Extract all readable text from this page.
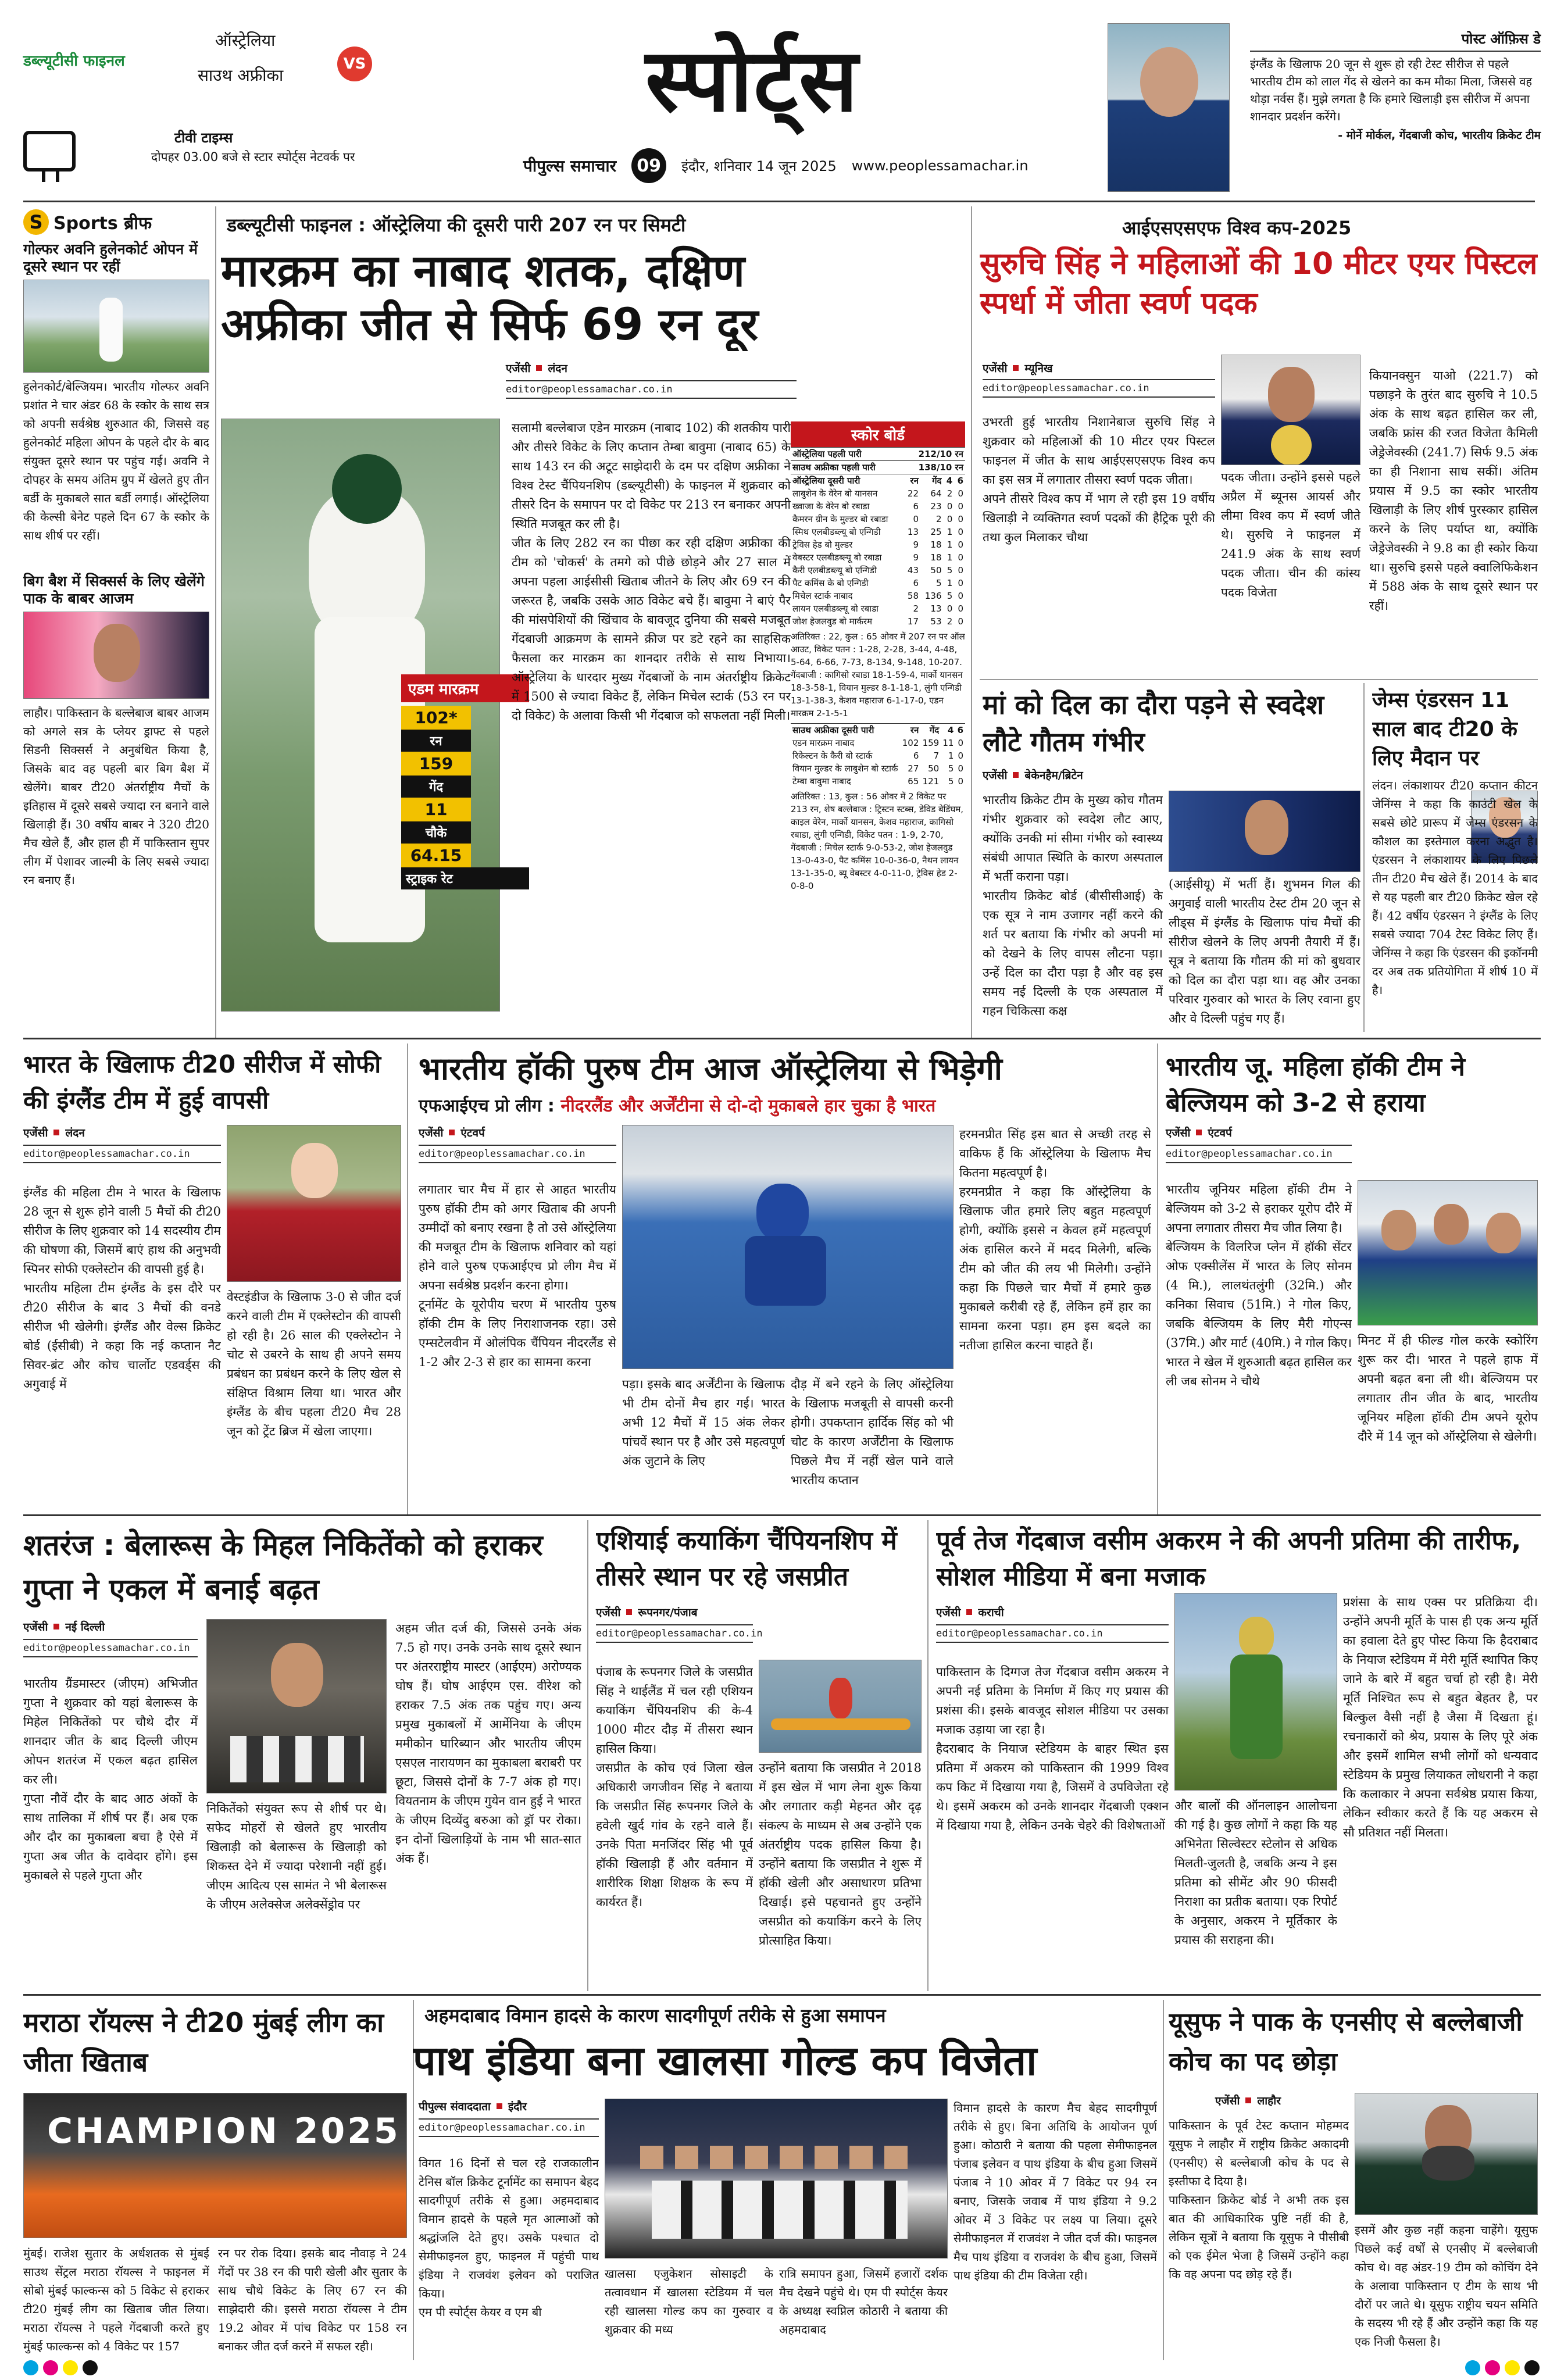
डब्ल्यूटीसी फाइनल
ऑस्ट्रेलिया
साउथ अफ्रीका
VS
टीवी टाइम्स
दोपहर 03.00 बजे से स्टार स्पोर्ट्स नेटवर्क पर
स्पोर्ट्स
पीपुल्स समाचार	09	इंदौर, शनिवार 14 जून 2025 www.peoplessamachar.in
पोस्ट ऑफ़िस डे
इंग्लैंड के खिलाफ 20 जून से शुरू हो रही टेस्ट सीरीज से पहले भारतीय टीम को लाल गेंद से खेलने का कम मौका मिला, जिससे वह थोड़ा नर्वस हैं। मुझे लगता है कि हमारे खिलाड़ी इस सीरीज में अपना शानदार प्रदर्शन करेंगे।
- मोर्ने मोर्कल, गेंदबाजी कोच, भारतीय क्रिकेट टीम
S Sports ब्रीफ
गोल्फर अवनि हुलेनकोर्ट ओपन में दूसरे स्थान पर रहीं
हुलेनकोर्ट/बेल्जियम। भारतीय गोल्फर अवनि प्रशांत ने चार अंडर 68 के स्कोर के साथ सत्र को अपनी सर्वश्रेष्ठ शुरुआत की, जिससे वह हुलेनकोर्ट महिला ओपन के पहले दौर के बाद संयुक्त दूसरे स्थान पर पहुंच गई। अवनि ने दोपहर के समय अंतिम ग्रुप में खेलते हुए तीन बर्डी के मुकाबले सात बर्डी लगाई। ऑस्ट्रेलिया की केल्सी बेनेट पहले दिन 67 के स्कोर के साथ शीर्ष पर रहीं।
बिग बैश में सिक्सर्स के लिए खेलेंगे पाक के बाबर आजम
लाहौर। पाकिस्तान के बल्लेबाज बाबर आजम को अगले सत्र के प्लेयर ड्राफ्ट से पहले सिडनी सिक्सर्स ने अनुबंधित किया है, जिसके बाद वह पहली बार बिग बैश में खेलेंगे। बाबर टी20 अंतर्राष्ट्रीय मैचों के इतिहास में दूसरे सबसे ज्यादा रन बनाने वाले खिलाड़ी हैं। 30 वर्षीय बाबर ने 320 टी20 मैच खेले हैं, और हाल ही में पाकिस्तान सुपर लीग में पेशावर जाल्मी के लिए सबसे ज्यादा रन बनाए हैं।
डब्ल्यूटीसी फाइनल : ऑस्ट्रेलिया की दूसरी पारी 207 रन पर सिमटी
मारक्रम का नाबाद शतक, दक्षिण अफ्रीका जीत से सिर्फ 69 रन दूर
एजेंसी लंदन
editor@peoplessamachar.co.in
एडम मारक्रम
102*
रन
159
गेंद
11
चौके
64.15
स्ट्राइक रेट
सलामी बल्लेबाज एडेन मारक्रम (नाबाद 102) की शतकीय पारी और तीसरे विकेट के लिए कप्तान तेम्बा बावुमा (नाबाद 65) के साथ 143 रन की अटूट साझेदारी के दम पर दक्षिण अफ्रीका ने विश्व टेस्ट चैंपियनशिप (डब्ल्यूटीसी) के फाइनल में शुक्रवार को तीसरे दिन के समापन पर दो विकेट पर 213 रन बनाकर अपनी स्थिति मजबूत कर ली है।
जीत के लिए 282 रन का पीछा कर रही दक्षिण अफ्रीका की टीम को 'चोकर्स' के तमगे को पीछे छोड़ने और 27 साल में अपना पहला आईसीसी खिताब जीतने के लिए और 69 रन की जरूरत है, जबकि उसके आठ विकेट बचे हैं। बावुमा ने बाएं पैर की मांसपेशियों की खिंचाव के बावजूद दुनिया की सबसे मजबूत गेंदबाजी आक्रमण के सामने क्रीज पर डटे रहने का साहसिक फैसला कर मारक्रम का शानदार तरीके से साथ निभाया। ऑस्ट्रेलिया के धारदार मुख्य गेंदबाजों के नाम अंतर्राष्ट्रीय क्रिकेट में 1500 से ज्यादा विकेट हैं, लेकिन मिचेल स्टार्क (53 रन पर दो विकेट) के अलावा किसी भी गेंदबाज को सफलता नहीं मिली।
स्कोर बोर्ड
ऑस्ट्रेलिया पहली पारी	212/10 रन
साउथ अफ्रीका पहली पारी	138/10 रन
ऑस्ट्रेलिया दूसरी पारी	रन	गेंद	4	6
लाबुशेन के वेरेन बो यानसन	22	64	2	0
ख्वाजा के वेरेन बो रबाडा	6	23	0	0
कैमरन ग्रीन के मुल्डर बो रबाडा	0	2	0	0
स्मिथ एलबीडब्ल्यू बो एन्गिडी	13	25	1	0
ट्रेविस हेड बो मुल्डर	9	18	1	0
वेबस्टर एलबीडब्ल्यू बो रबाडा	9	18	1	0
कैरी एलबीडब्ल्यू बो एन्गिडी	43	50	5	0
पैट कमिंस के बो एन्गिडी	6	5	1	0
मिचेल स्टार्क नाबाद	58	136	5	0
लायन एलबीडब्ल्यू बो रबाडा	2	13	0	0
जोश हेजलवुड बो मार्करम	17	53	2	0
अतिरिक्त : 22, कुल : 65 ओवर में 207 रन पर ऑल आउट, विकेट पतन : 1-28, 2-28, 3-44, 4-48, 5-64, 6-66, 7-73, 8-134, 9-148, 10-207. गेंदबाजी : कागिसो रबाडा 18-1-59-4, मार्को यानसन 18-3-58-1, वियान मुल्डर 8-1-18-1, लुंगी एन्गिडी 13-1-38-3, केशव महाराज 6-1-17-0, एडन मारक्रम 2-1-5-1
साउथ अफ्रीका दूसरी पारी	रन	गेंद	4	6
एडन मारक्रम नाबाद	102	159	11	0
रिकेल्टन के कैरी बो स्टार्क	6	7	1	0
वियान मुल्डर के लाबुशेन बो स्टार्क	27	50	5	0
टेम्बा बावुमा नाबाद	65	121	5	0
अतिरिक्त : 13, कुल : 56 ओवर में 2 विकेट पर 213 रन, शेष बल्लेबाज : ट्रिस्टन स्टब्स, डेविड बेडिंघम, काइल वेरेन, मार्को यानसन, केशव महाराज, कागिसो रबाडा, लुंगी एन्गिडी, विकेट पतन : 1-9, 2-70, गेंदबाजी : मिचेल स्टार्क 9-0-53-2, जोश हेजलवुड 13-0-43-0, पैट कमिंस 10-0-36-0, नैथन लायन 13-1-35-0, ब्यू वेबस्टर 4-0-11-0, ट्रेविस हेड 2-0-8-0
आईएसएसएफ विश्व कप-2025
सुरुचि सिंह ने महिलाओं की 10 मीटर एयर पिस्टल स्पर्धा में जीता स्वर्ण पदक
एजेंसी म्यूनिख
editor@peoplessamachar.co.in
उभरती हुई भारतीय निशानेबाज सुरुचि सिंह ने शुक्रवार को महिलाओं की 10 मीटर एयर पिस्टल फाइनल में जीत के साथ आईएसएसएफ विश्व कप का इस सत्र में लगातार तीसरा स्वर्ण पदक जीता।
अपने तीसरे विश्व कप में भाग ले रही इस 19 वर्षीय खिलाड़ी ने व्यक्तिगत स्वर्ण पदकों की हैट्रिक पूरी की तथा कुल मिलाकर चौथा
पदक जीता। उन्होंने इससे पहले अप्रैल में ब्यूनस आयर्स और लीमा विश्व कप में स्वर्ण जीते थे। सुरुचि ने फाइनल में 241.9 अंक के साथ स्वर्ण पदक जीता। चीन की कांस्य पदक विजेता
कियानक्सुन याओ (221.7) को पछाड़ने के तुरंत बाद सुरुचि ने 10.5 अंक के साथ बढ़त हासिल कर ली, जबकि फ्रांस की रजत विजेता कैमिली जेड्रेजेवस्की (241.7) सिर्फ 9.5 अंक का ही निशाना साध सकीं। अंतिम प्रयास में 9.5 का स्कोर भारतीय खिलाड़ी के लिए शीर्ष पुरस्कार हासिल करने के लिए पर्याप्त था, क्योंकि जेड्रेजेवस्की ने 9.8 का ही स्कोर किया था। सुरुचि इससे पहले क्वालिफिकेशन में 588 अंक के साथ दूसरे स्थान पर रहीं।
मां को दिल का दौरा पड़ने से स्वदेश लौटे गौतम गंभीर
एजेंसी बेकेनहैम/ब्रिटेन
भारतीय क्रिकेट टीम के मुख्य कोच गौतम गंभीर शुक्रवार को स्वदेश लौट आए, क्योंकि उनकी मां सीमा गंभीर को स्वास्थ्य संबंधी आपात स्थिति के कारण अस्पताल में भर्ती कराना पड़ा।
भारतीय क्रिकेट बोर्ड (बीसीसीआई) के एक सूत्र ने नाम उजागर नहीं करने की शर्त पर बताया कि गंभीर को अपनी मां को देखने के लिए वापस लौटना पड़ा। उन्हें दिल का दौरा पड़ा है और वह इस समय नई दिल्ली के एक अस्पताल में गहन चिकित्सा कक्ष
(आईसीयू) में भर्ती हैं। शुभमन गिल की अगुवाई वाली भारतीय टेस्ट टीम 20 जून से लीड्स में इंग्लैंड के खिलाफ पांच मैचों की सीरीज खेलने के लिए अपनी तैयारी में हैं। सूत्र ने बताया कि गौतम की मां को बुधवार को दिल का दौरा पड़ा था। वह और उनका परिवार गुरुवार को भारत के लिए रवाना हुए और वे दिल्ली पहुंच गए हैं।
जेम्स एंडरसन 11 साल बाद टी20 के लिए मैदान पर
लंदन। लंकाशायर टी20 कप्तान कीटन जेनिंग्स ने कहा कि काउंटी खेल के सबसे छोटे प्रारूप में जेम्स एंडरसन के कौशल का इस्तेमाल करना अद्भुत है। एंडरसन ने लंकाशायर के लिए पिछले तीन टी20 मैच खेले हैं। 2014 के बाद से यह पहली बार टी20 क्रिकेट खेल रहे हैं। 42 वर्षीय एंडरसन ने इंग्लैंड के लिए सबसे ज्यादा 704 टेस्ट विकेट लिए हैं। जेनिंग्स ने कहा कि एंडरसन की इकॉनमी दर अब तक प्रतियोगिता में शीर्ष 10 में है।
भारत के खिलाफ टी20 सीरीज में सोफी की इंग्लैंड टीम में हुई वापसी
एजेंसी लंदन
editor@peoplessamachar.co.in
इंग्लैंड की महिला टीम ने भारत के खिलाफ 28 जून से शुरू होने वाली 5 मैचों की टी20 सीरीज के लिए शुक्रवार को 14 सदस्यीय टीम की घोषणा की, जिसमें बाएं हाथ की अनुभवी स्पिनर सोफी एक्लेस्टोन की वापसी हुई है।
भारतीय महिला टीम इंग्लैंड के इस दौरे पर टी20 सीरीज के बाद 3 मैचों की वनडे सीरीज भी खेलेगी। इंग्लैंड और वेल्स क्रिकेट बोर्ड (ईसीबी) ने कहा कि नई कप्तान नैट सिवर-ब्रंट और कोच चार्लोट एडवर्ड्स की अगुवाई में
वेस्टइंडीज के खिलाफ 3-0 से जीत दर्ज करने वाली टीम में एक्लेस्टोन की वापसी हो रही है। 26 साल की एक्लेस्टोन ने चोट से उबरने के साथ ही अपने समय प्रबंधन का प्रबंधन करने के लिए खेल से संक्षिप्त विश्राम लिया था। भारत और इंग्लैंड के बीच पहला टी20 मैच 28 जून को ट्रेंट ब्रिज में खेला जाएगा।
भारतीय हॉकी पुरुष टीम आज ऑस्ट्रेलिया से भिड़ेगी
एफआईएच प्रो लीग : नीदरलैंड और अर्जेंटीना से दो-दो मुकाबले हार चुका है भारत
एजेंसी एंटवर्प
editor@peoplessamachar.co.in
लगातार चार मैच में हार से आहत भारतीय पुरुष हॉकी टीम को अगर खिताब की अपनी उम्मीदों को बनाए रखना है तो उसे ऑस्ट्रेलिया की मजबूत टीम के खिलाफ शनिवार को यहां होने वाले पुरुष एफआईएच प्रो लीग मैच में अपना सर्वश्रेष्ठ प्रदर्शन करना होगा।
टूर्नामेंट के यूरोपीय चरण में भारतीय पुरुष हॉकी टीम के लिए निराशाजनक रहा। उसे एम्सटेलवीन में ओलंपिक चैंपियन नीदरलैंड से 1-2 और 2-3 से हार का सामना करना
पड़ा। इसके बाद अर्जेंटीना के खिलाफ भी टीम दोनों मैच हार गई। भारत अभी 12 मैचों में 15 अंक लेकर पांचवें स्थान पर है और उसे महत्वपूर्ण अंक जुटाने के लिए
दौड़ में बने रहने के लिए ऑस्ट्रेलिया के खिलाफ मजबूती से वापसी करनी होगी। उपकप्तान हार्दिक सिंह को भी चोट के कारण अर्जेंटीना के खिलाफ पिछले मैच में नहीं खेल पाने वाले भारतीय कप्तान
हरमनप्रीत सिंह इस बात से अच्छी तरह से वाकिफ हैं कि ऑस्ट्रेलिया के खिलाफ मैच कितना महत्वपूर्ण है।
हरमनप्रीत ने कहा कि ऑस्ट्रेलिया के खिलाफ जीत हमारे लिए बहुत महत्वपूर्ण होगी, क्योंकि इससे न केवल हमें महत्वपूर्ण अंक हासिल करने में मदद मिलेगी, बल्कि टीम को जीत की लय भी मिलेगी। उन्होंने कहा कि पिछले चार मैचों में हमारे कुछ मुकाबले करीबी रहे हैं, लेकिन हमें हार का सामना करना पड़ा। हम इस बदले का नतीजा हासिल करना चाहते हैं।
भारतीय जू. महिला हॉकी टीम ने बेल्जियम को 3-2 से हराया
एजेंसी एंटवर्प
editor@peoplessamachar.co.in
भारतीय जूनियर महिला हॉकी टीम ने बेल्जियम को 3-2 से हराकर यूरोप दौरे में अपना लगातार तीसरा मैच जीत लिया है।
बेल्जियम के विलरिज प्लेन में हॉकी सेंटर ओफ एक्सीलेंस में भारत के लिए सोनम (4 मि.), लालथंतलुंगी (32मि.) और कनिका सिवाच (51मि.) ने गोल किए, जबकि बेल्जियम के लिए मैरी गोएन्स (37मि.) और मार्ट (40मि.) ने गोल किए। भारत ने खेल में शुरुआती बढ़त हासिल कर ली जब सोनम ने चौथे
मिनट में ही फील्ड गोल करके स्कोरिंग शुरू कर दी। भारत ने पहले हाफ में अपनी बढ़त बना ली थी। बेल्जियम पर लगातार तीन जीत के बाद, भारतीय जूनियर महिला हॉकी टीम अपने यूरोप दौरे में 14 जून को ऑस्ट्रेलिया से खेलेगी।
शतरंज : बेलारूस के मिहल निकितेंको को हराकर गुप्ता ने एकल में बनाई बढ़त
एजेंसी नई दिल्ली
editor@peoplessamachar.co.in
भारतीय ग्रैंडमास्टर (जीएम) अभिजीत गुप्ता ने शुक्रवार को यहां बेलारूस के मिहेल निकितेंको पर चौथे दौर में शानदार जीत के बाद दिल्ली जीएम ओपन शतरंज में एकल बढ़त हासिल कर ली।
गुप्ता नौवें दौर के बाद आठ अंकों के साथ तालिका में शीर्ष पर हैं। अब एक और दौर का मुकाबला बचा है ऐसे में गुप्ता अब जीत के दावेदार होंगे। इस मुकाबले से पहले गुप्ता और
निकितेंको संयुक्त रूप से शीर्ष पर थे। सफेद मोहरों से खेलते हुए भारतीय खिलाड़ी को बेलारूस के खिलाड़ी को शिकस्त देने में ज्यादा परेशानी नहीं हुई। जीएम आदित्य एस सामंत ने भी बेलारूस के जीएम अलेक्सेज अलेक्सेंड्रोव पर
अहम जीत दर्ज की, जिससे उनके अंक 7.5 हो गए। उनके उनके साथ दूसरे स्थान पर अंतरराष्ट्रीय मास्टर (आईएम) अरोण्यक घोष हैं। घोष आईएम एस. वीरेश को हराकर 7.5 अंक तक पहुंच गए। अन्य प्रमुख मुकाबलों में आर्मेनिया के जीएम ममीकोन घारिब्यान और भारतीय जीएम एसएल नारायणन का मुकाबला बराबरी पर छूटा, जिससे दोनों के 7-7 अंक हो गए। वियतनाम के जीएम गुयेन वान हुई ने भारत के जीएम दिव्येंदु बरुआ को ड्रॉ पर रोका। इन दोनों खिलाड़ियों के नाम भी सात-सात अंक हैं।
एशियाई कयाकिंग चैंपियनशिप में तीसरे स्थान पर रहे जसप्रीत
एजेंसी रूपनगर/पंजाब
editor@peoplessamachar.co.in
पंजाब के रूपनगर जिले के जसप्रीत सिंह ने थाईलैंड में चल रही एशियन कयाकिंग चैंपियनशिप की के-4 1000 मीटर दौड़ में तीसरा स्थान हासिल किया।
जसप्रीत के कोच एवं जिला खेल अधिकारी जगजीवन सिंह ने बताया कि जसप्रीत सिंह रूपनगर जिले के हवेली खुर्द गांव के रहने वाले हैं। उनके पिता मनजिंदर सिंह भी पूर्व हॉकी खिलाड़ी हैं और वर्तमान में शारीरिक शिक्षा शिक्षक के रूप में कार्यरत हैं।
उन्होंने बताया कि जसप्रीत ने 2018 में इस खेल में भाग लेना शुरू किया और लगातार कड़ी मेहनत और दृढ़ संकल्प के माध्यम से अब उन्होंने एक अंतर्राष्ट्रीय पदक हासिल किया है। उन्होंने बताया कि जसप्रीत ने शुरू में हॉकी खेली और असाधारण प्रतिभा दिखाई। इसे पहचानते हुए उन्होंने जसप्रीत को कयाकिंग करने के लिए प्रोत्साहित किया।
पूर्व तेज गेंदबाज वसीम अकरम ने की अपनी प्रतिमा की तारीफ, सोशल मीडिया में बना मजाक
एजेंसी कराची
editor@peoplessamachar.co.in
पाकिस्तान के दिग्गज तेज गेंदबाज वसीम अकरम ने अपनी नई प्रतिमा के निर्माण में किए गए प्रयास की प्रशंसा की। इसके बावजूद सोशल मीडिया पर उसका मजाक उड़ाया जा रहा है।
हैदराबाद के नियाज स्टेडियम के बाहर स्थित इस प्रतिमा में अकरम को पाकिस्तान की 1999 विश्व कप किट में दिखाया गया है, जिसमें वे उपविजेता रहे थे। इसमें अकरम को उनके शानदार गेंदबाजी एक्शन में दिखाया गया है, लेकिन उनके चेहरे की विशेषताओं
और बालों की ऑनलाइन आलोचना की गई है। कुछ लोगों ने कहा कि यह अभिनेता सिल्वेस्टर स्टेलोन से अधिक मिलती-जुलती है, जबकि अन्य ने इस प्रतिमा को सीमेंट और 90 फीसदी निराशा का प्रतीक बताया। एक रिपोर्ट के अनुसार, अकरम ने मूर्तिकार के प्रयास की सराहना की।
प्रशंसा के साथ एक्स पर प्रतिक्रिया दी। उन्होंने अपनी मूर्ति के पास ही एक अन्य मूर्ति का हवाला देते हुए पोस्ट किया कि हैदराबाद के नियाज स्टेडियम में मेरी मूर्ति स्थापित किए जाने के बारे में बहुत चर्चा हो रही है। मेरी मूर्ति निश्चित रूप से बहुत बेहतर है, पर बिल्कुल वैसी नहीं है जैसा मैं दिखता हूं। रचनाकारों को श्रेय, प्रयास के लिए पूरे अंक और इसमें शामिल सभी लोगों को धन्यवाद स्टेडियम के प्रमुख लियाकत लोधरानी ने कहा कि कलाकार ने अपना सर्वश्रेष्ठ प्रयास किया, लेकिन स्वीकार करते हैं कि यह अकरम से सौ प्रतिशत नहीं मिलता।
मराठा रॉयल्स ने टी20 मुंबई लीग का जीता खिताब
CHAMPION 2025
मुंबई। राजेश सुतार के अर्धशतक से मुंबई साउथ सेंट्रल मराठा रॉयल्स ने फाइनल में सोबो मुंबई फाल्कन्स को 5 विकेट से हराकर टी20 मुंबई लीग का खिताब जीत लिया। मराठा रॉयल्स ने पहले गेंदबाजी करते हुए मुंबई फाल्कन्स को 4 विकेट पर 157
रन पर रोक दिया। इसके बाद नौवाड़ ने 24 गेंदों पर 38 रन की पारी खेली और सुतार के साथ चौथे विकेट के लिए 67 रन की साझेदारी की। इससे मराठा रॉयल्स ने टीम 19.2 ओवर में पांच विकेट पर 158 रन बनाकर जीत दर्ज करने में सफल रही।
अहमदाबाद विमान हादसे के कारण सादगीपूर्ण तरीके से हुआ समापन
पाथ इंडिया बना खालसा गोल्ड कप विजेता
पीपुल्स संवाददाता इंदौर
editor@peoplessamachar.co.in
विगत 16 दिनों से चल रहे राजकालीन टेनिस बॉल क्रिकेट टूर्नामेंट का समापन बेहद सादगीपूर्ण तरीके से हुआ। अहमदाबाद विमान हादसे के पहले मृत आत्माओं को श्रद्धांजलि देते हुए। उसके पश्चात दो सेमीफाइनल हुए, फाइनल में पहुंची पाथ इंडिया ने राजवंश इलेवन को पराजित किया।
एम पी स्पोर्ट्स केयर व एम बी
खालसा एजुकेशन सोसाइटी के तत्वावधान में खालसा स्टेडियम में चल रही खालसा गोल्ड कप का गुरुवार व शुक्रवार की मध्य
रात्रि समापन हुआ, जिसमें हजारों दर्शक मैच देखने पहुंचे थे। एम पी स्पोर्ट्स केयर के अध्यक्ष स्वप्निल कोठारी ने बताया की अहमदाबाद
विमान हादसे के कारण मैच बेहद सादगीपूर्ण तरीके से हुए। बिना अतिथि के आयोजन पूर्ण हुआ। कोठारी ने बताया की पहला सेमीफाइनल पंजाब इलेवन व पाथ इंडिया के बीच हुआ जिसमें पंजाब ने 10 ओवर में 7 विकेट पर 94 रन बनाए, जिसके जवाब में पाथ इंडिया ने 9.2 ओवर में 3 विकेट पर लक्ष्य पा लिया। दूसरे सेमीफाइनल में राजवंश ने जीत दर्ज की। फाइनल मैच पाथ इंडिया व राजवंश के बीच हुआ, जिसमें पाथ इंडिया की टीम विजेता रही।
यूसुफ ने पाक के एनसीए से बल्लेबाजी कोच का पद छोड़ा
एजेंसी लाहौर
पाकिस्तान के पूर्व टेस्ट कप्तान मोहम्मद यूसुफ ने लाहौर में राष्ट्रीय क्रिकेट अकादमी (एनसीए) से बल्लेबाजी कोच के पद से इस्तीफा दे दिया है।
पाकिस्तान क्रिकेट बोर्ड ने अभी तक इस बात की आधिकारिक पुष्टि नहीं की है, लेकिन सूत्रों ने बताया कि यूसुफ ने पीसीबी को एक ईमेल भेजा है जिसमें उन्होंने कहा कि वह अपना पद छोड़ रहे हैं।
इसमें और कुछ नहीं कहना चाहेंगे। यूसुफ पिछले कई वर्षों से एनसीए में बल्लेबाजी कोच थे। वह अंडर-19 टीम को कोचिंग देने के अलावा पाकिस्तान ए टीम के साथ भी दौरों पर जाते थे। यूसुफ राष्ट्रीय चयन समिति के सदस्य भी रहे हैं और उन्होंने कहा कि यह एक निजी फैसला है।
